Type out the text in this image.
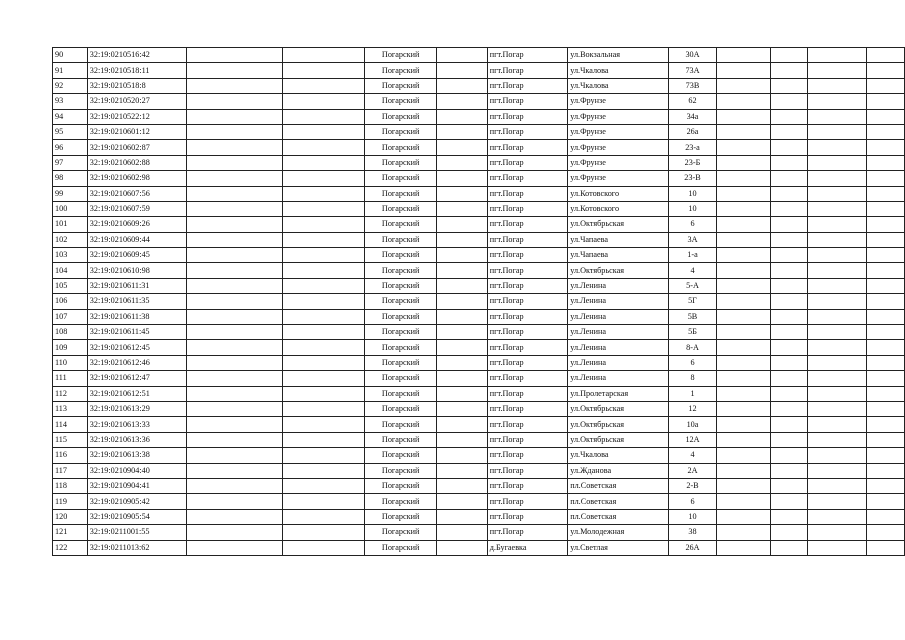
90	32:19:0210516:42			Погарский		пгт.Погар	ул.Вокзальная	30А				
91	32:19:0210518:11			Погарский		пгт.Погар	ул.Чкалова	73А				
92	32:19:0210518:8			Погарский		пгт.Погар	ул.Чкалова	73В				
93	32:19:0210520:27			Погарский		пгт.Погар	ул.Фрунзе	62				
94	32:19:0210522:12			Погарский		пгт.Погар	ул.Фрунзе	34а				
95	32:19:0210601:12			Погарский		пгт.Погар	ул.Фрунзе	26а				
96	32:19:0210602:87			Погарский		пгт.Погар	ул.Фрунзе	23-а				
97	32:19:0210602:88			Погарский		пгт.Погар	ул.Фрунзе	23-Б				
98	32:19:0210602:98			Погарский		пгт.Погар	ул.Фрунзе	23-В				
99	32:19:0210607:56			Погарский		пгт.Погар	ул.Котовского	10				
100	32:19:0210607:59			Погарский		пгт.Погар	ул.Котовского	10				
101	32:19:0210609:26			Погарский		пгт.Погар	ул.Октябрьская	6				
102	32:19:0210609:44			Погарский		пгт.Погар	ул.Чапаева	3А				
103	32:19:0210609:45			Погарский		пгт.Погар	ул.Чапаева	1-а				
104	32:19:0210610:98			Погарский		пгт.Погар	ул.Октябрьская	4				
105	32:19:0210611:31			Погарский		пгт.Погар	ул.Ленина	5-А				
106	32:19:0210611:35			Погарский		пгт.Погар	ул.Ленина	5Г				
107	32:19:0210611:38			Погарский		пгт.Погар	ул.Ленина	5В				
108	32:19:0210611:45			Погарский		пгт.Погар	ул.Ленина	5Б				
109	32:19:0210612:45			Погарский		пгт.Погар	ул.Ленина	8-А				
110	32:19:0210612:46			Погарский		пгт.Погар	ул.Ленина	6				
111	32:19:0210612:47			Погарский		пгт.Погар	ул.Ленина	8				
112	32:19:0210612:51			Погарский		пгт.Погар	ул.Пролетарская	1				
113	32:19:0210613:29			Погарский		пгт.Погар	ул.Октябрьская	12				
114	32:19:0210613:33			Погарский		пгт.Погар	ул.Октябрьская	10а				
115	32:19:0210613:36			Погарский		пгт.Погар	ул.Октябрьская	12А				
116	32:19:0210613:38			Погарский		пгт.Погар	ул.Чкалова	4				
117	32:19:0210904:40			Погарский		пгт.Погар	ул.Жданова	2А				
118	32:19:0210904:41			Погарский		пгт.Погар	пл.Советская	2-В				
119	32:19:0210905:42			Погарский		пгт.Погар	пл.Советская	6				
120	32:19:0210905:54			Погарский		пгт.Погар	пл.Советская	10				
121	32:19:0211001:55			Погарский		пгт.Погар	ул.Молодежная	38				
122	32:19:0211013:62			Погарский		д.Бугаевка	ул.Светлая	26А				
